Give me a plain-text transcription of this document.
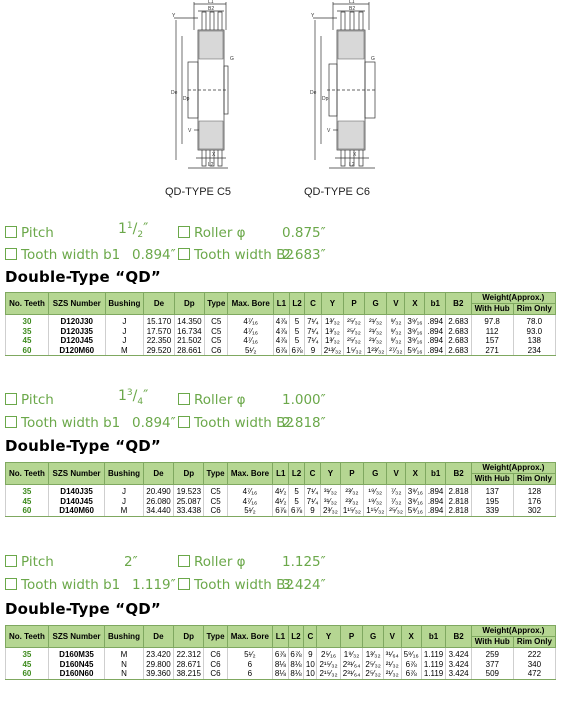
L1
B2
Y
G
De
Dp
V
X
L2
QD-TYPE C5
L1
B2
Y
G
De
Dp
V
X
L2
QD-TYPE C6
Pitch	$1^1/_2''$	Roller φ	0.875″
Tooth width b1 0.894″	Tooth width B2
2.683″
Double-Type “QD”
No. Teeth	SZS Number	Bushing	De	Dp	Type	Max. Bore	L1	L2	C	Y	P	G	V	X	b1	B2	Weight(Approx.)	
																	With Hub	Rim Only
30	D120J30	J	15.170	14.350	C5	4⁷⁄₁₆	4⅞	5	7¹⁄₄	1³⁄₃₂	²⁵⁄₃₂	²¹⁄₃₂	⁹⁄₃₂	3⁹⁄₁₆	.894	2.683	97.8	78.0
35	D120J35	J	17.570	16.734	C5	4⁷⁄₁₆	4⅞	5	7¹⁄₄	1³⁄₃₂	²⁵⁄₃₂	²¹⁄₃₂	⁹⁄₃₂	3⁹⁄₁₆	.894	2.683	112	93.0
45	D120J45	J	22.350	21.502	C5	4⁷⁄₁₆	4⅞	5	7¹⁄₄	1³⁄₃₂	²⁵⁄₃₂	²¹⁄₃₂	⁹⁄₃₂	3⁹⁄₁₆	.894	2.683	157	138
60	D120M60	M	29.520	28.661	C6	5¹⁄₂	6⅞	6⅞	9	2¹³⁄₃₂	1⁵⁄₃₂	1²³⁄₃₂	²⁷⁄₃₂	5⁹⁄₁₆	.894	2.683	271	234
Pitch	$1^3/_4''$	Roller φ	1.000″
Tooth width b1 0.894″	Tooth width B2
2.818″
Double-Type “QD”
No. Teeth	SZS Number	Bushing	De	Dp	Type	Max. Bore	L1	L2	C	Y	P	G	V	X	b1	B2	Weight(Approx.)	
																	With Hub	Rim Only
35	D140J35	J	20.490	19.523	C5	4⁷⁄₁₆	4¹⁄₂	5	7¹⁄₄	³¹⁄₃₂	²³⁄₃₂	¹⁹⁄₃₂	⁷⁄₃₂	3⁹⁄₁₆	.894	2.818	137	128
45	D140J45	J	26.080	25.087	C5	4⁷⁄₁₆	4¹⁄₂	5	7¹⁄₄	³¹⁄₃₂	²³⁄₃₂	¹⁹⁄₃₂	⁷⁄₃₂	3⁹⁄₁₆	.894	2.818	195	176
60	D140M60	M	34.440	33.438	C6	5¹⁄₂	6⅞	6⅞	9	2³⁄₃₂	1¹⁵⁄₃₂	1¹⁵⁄₃₂	²⁵⁄₃₂	5⁹⁄₁₆	.894	2.818	339	302
Pitch	2″	Roller φ	1.125″
Tooth width b1 1.119″	Tooth width B2
3.424″
Double-Type “QD”
No. Teeth	SZS Number	Bushing	De	Dp	Type	Max. Bore	L1	L2	C	Y	P	G	V	X	b1	B2	Weight(Approx.)	
																	With Hub	Rim Only
35	D160M35	M	23.420	22.312	C6	5¹⁄₂	6⅞	6⅞	9	2⁵⁄₁₆	1⁹⁄₃₂	1³⁄₃₂	³¹⁄₆₄	5⁹⁄₁₆	1.119	3.424	259	222
45	D160N45	N	29.800	28.671	C6	6	8⅛	8⅛	10	2¹⁵⁄₃₂	2³¹⁄₆₄	2⁵⁄₃₂	²¹⁄₃₂	6⅞	1.119	3.424	377	340
60	D160N60	N	39.360	38.215	C6	6	8⅛	8⅛	10	2¹⁵⁄₃₂	2³¹⁄₆₄	2⁵⁄₃₂	²¹⁄₃₂	6⅞	1.119	3.424	509	472
